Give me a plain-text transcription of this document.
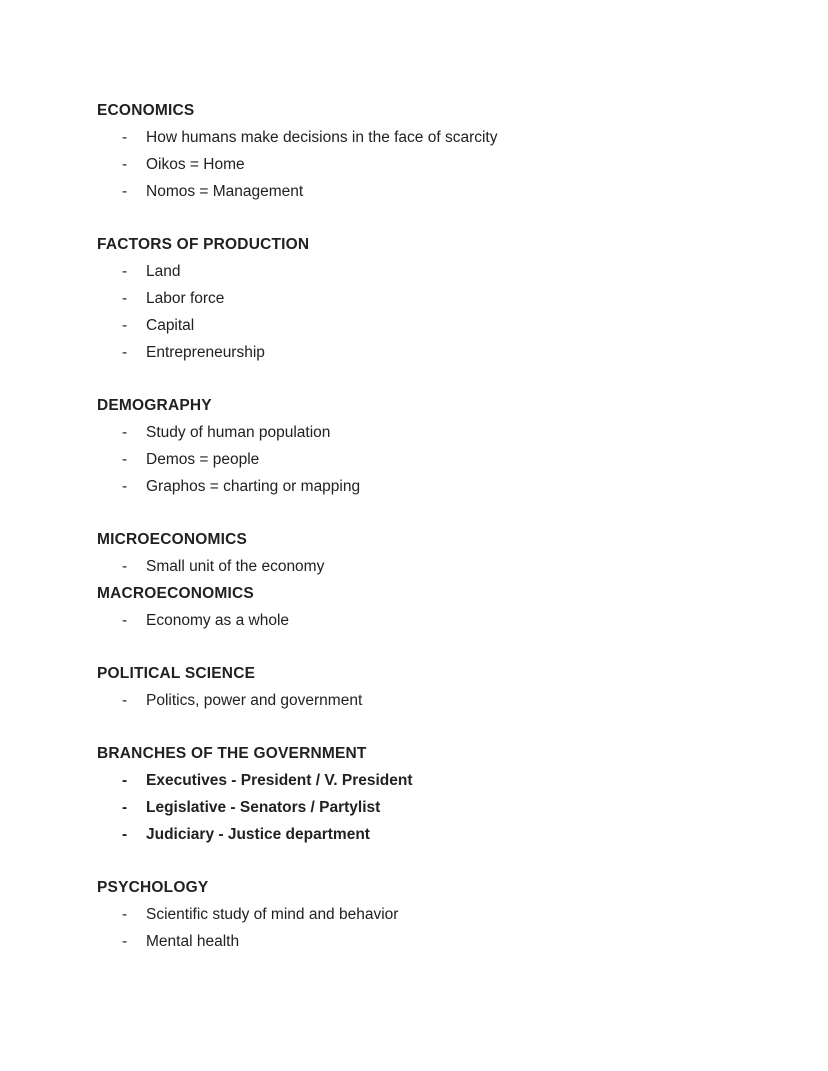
ECONOMICS
-	How humans make decisions in the face of scarcity
-	Oikos = Home
-	Nomos = Management
FACTORS OF PRODUCTION
-	Land
-	Labor force
-	Capital
-	Entrepreneurship
DEMOGRAPHY
-	Study of human population
-	Demos = people
-	Graphos = charting or mapping
MICROECONOMICS
-	Small unit of the economy
MACROECONOMICS
-	Economy as a whole
POLITICAL SCIENCE
-	Politics, power and government
BRANCHES OF THE GOVERNMENT
-	Executives - President / V. President
-	Legislative - Senators / Partylist
-	Judiciary - Justice department
PSYCHOLOGY
-	Scientific study of mind and behavior
-	Mental health
